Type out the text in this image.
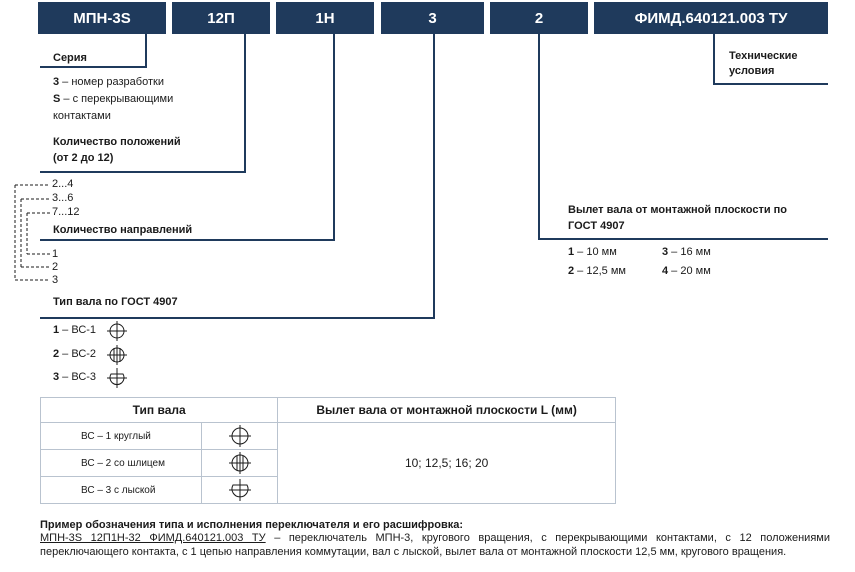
МПН-3S	12П	1Н	3	2	ФИМД.640121.003 ТУ
Серия
3 – номер разработки
S – с перекрывающими
контактами
Количество положений
(от 2 до 12)
2...4
3...6
7...12
Количество направлений
1
2
3
Технические
условия
Вылет вала от монтажной плоскости по
ГОСТ 4907
1 – 10 мм	3 – 16 мм
2 – 12,5 мм	4 – 20 мм
Тип вала по ГОСТ 4907
1 – ВС-1
2 – ВС-2
3 – ВС-3
Тип вала		Вылет вала от монтажной плоскости L (мм)
ВС – 1 круглый		10; 12,5; 16; 20
ВС – 2 со шлицем	

ВС – 3 с лыской	
Пример обозначения типа и исполнения переключателя и его расшифровка:
МПН-3S 12П1Н-32 ФИМД.640121.003 ТУ – переключатель МПН-3, кругового вращения, с перекрывающими контактами, с 12 положениями переключающего контакта, с 1 цепью направления коммутации, вал с лыской, вылет вала от монтажной плоскости 12,5 мм, кругового вращения.
